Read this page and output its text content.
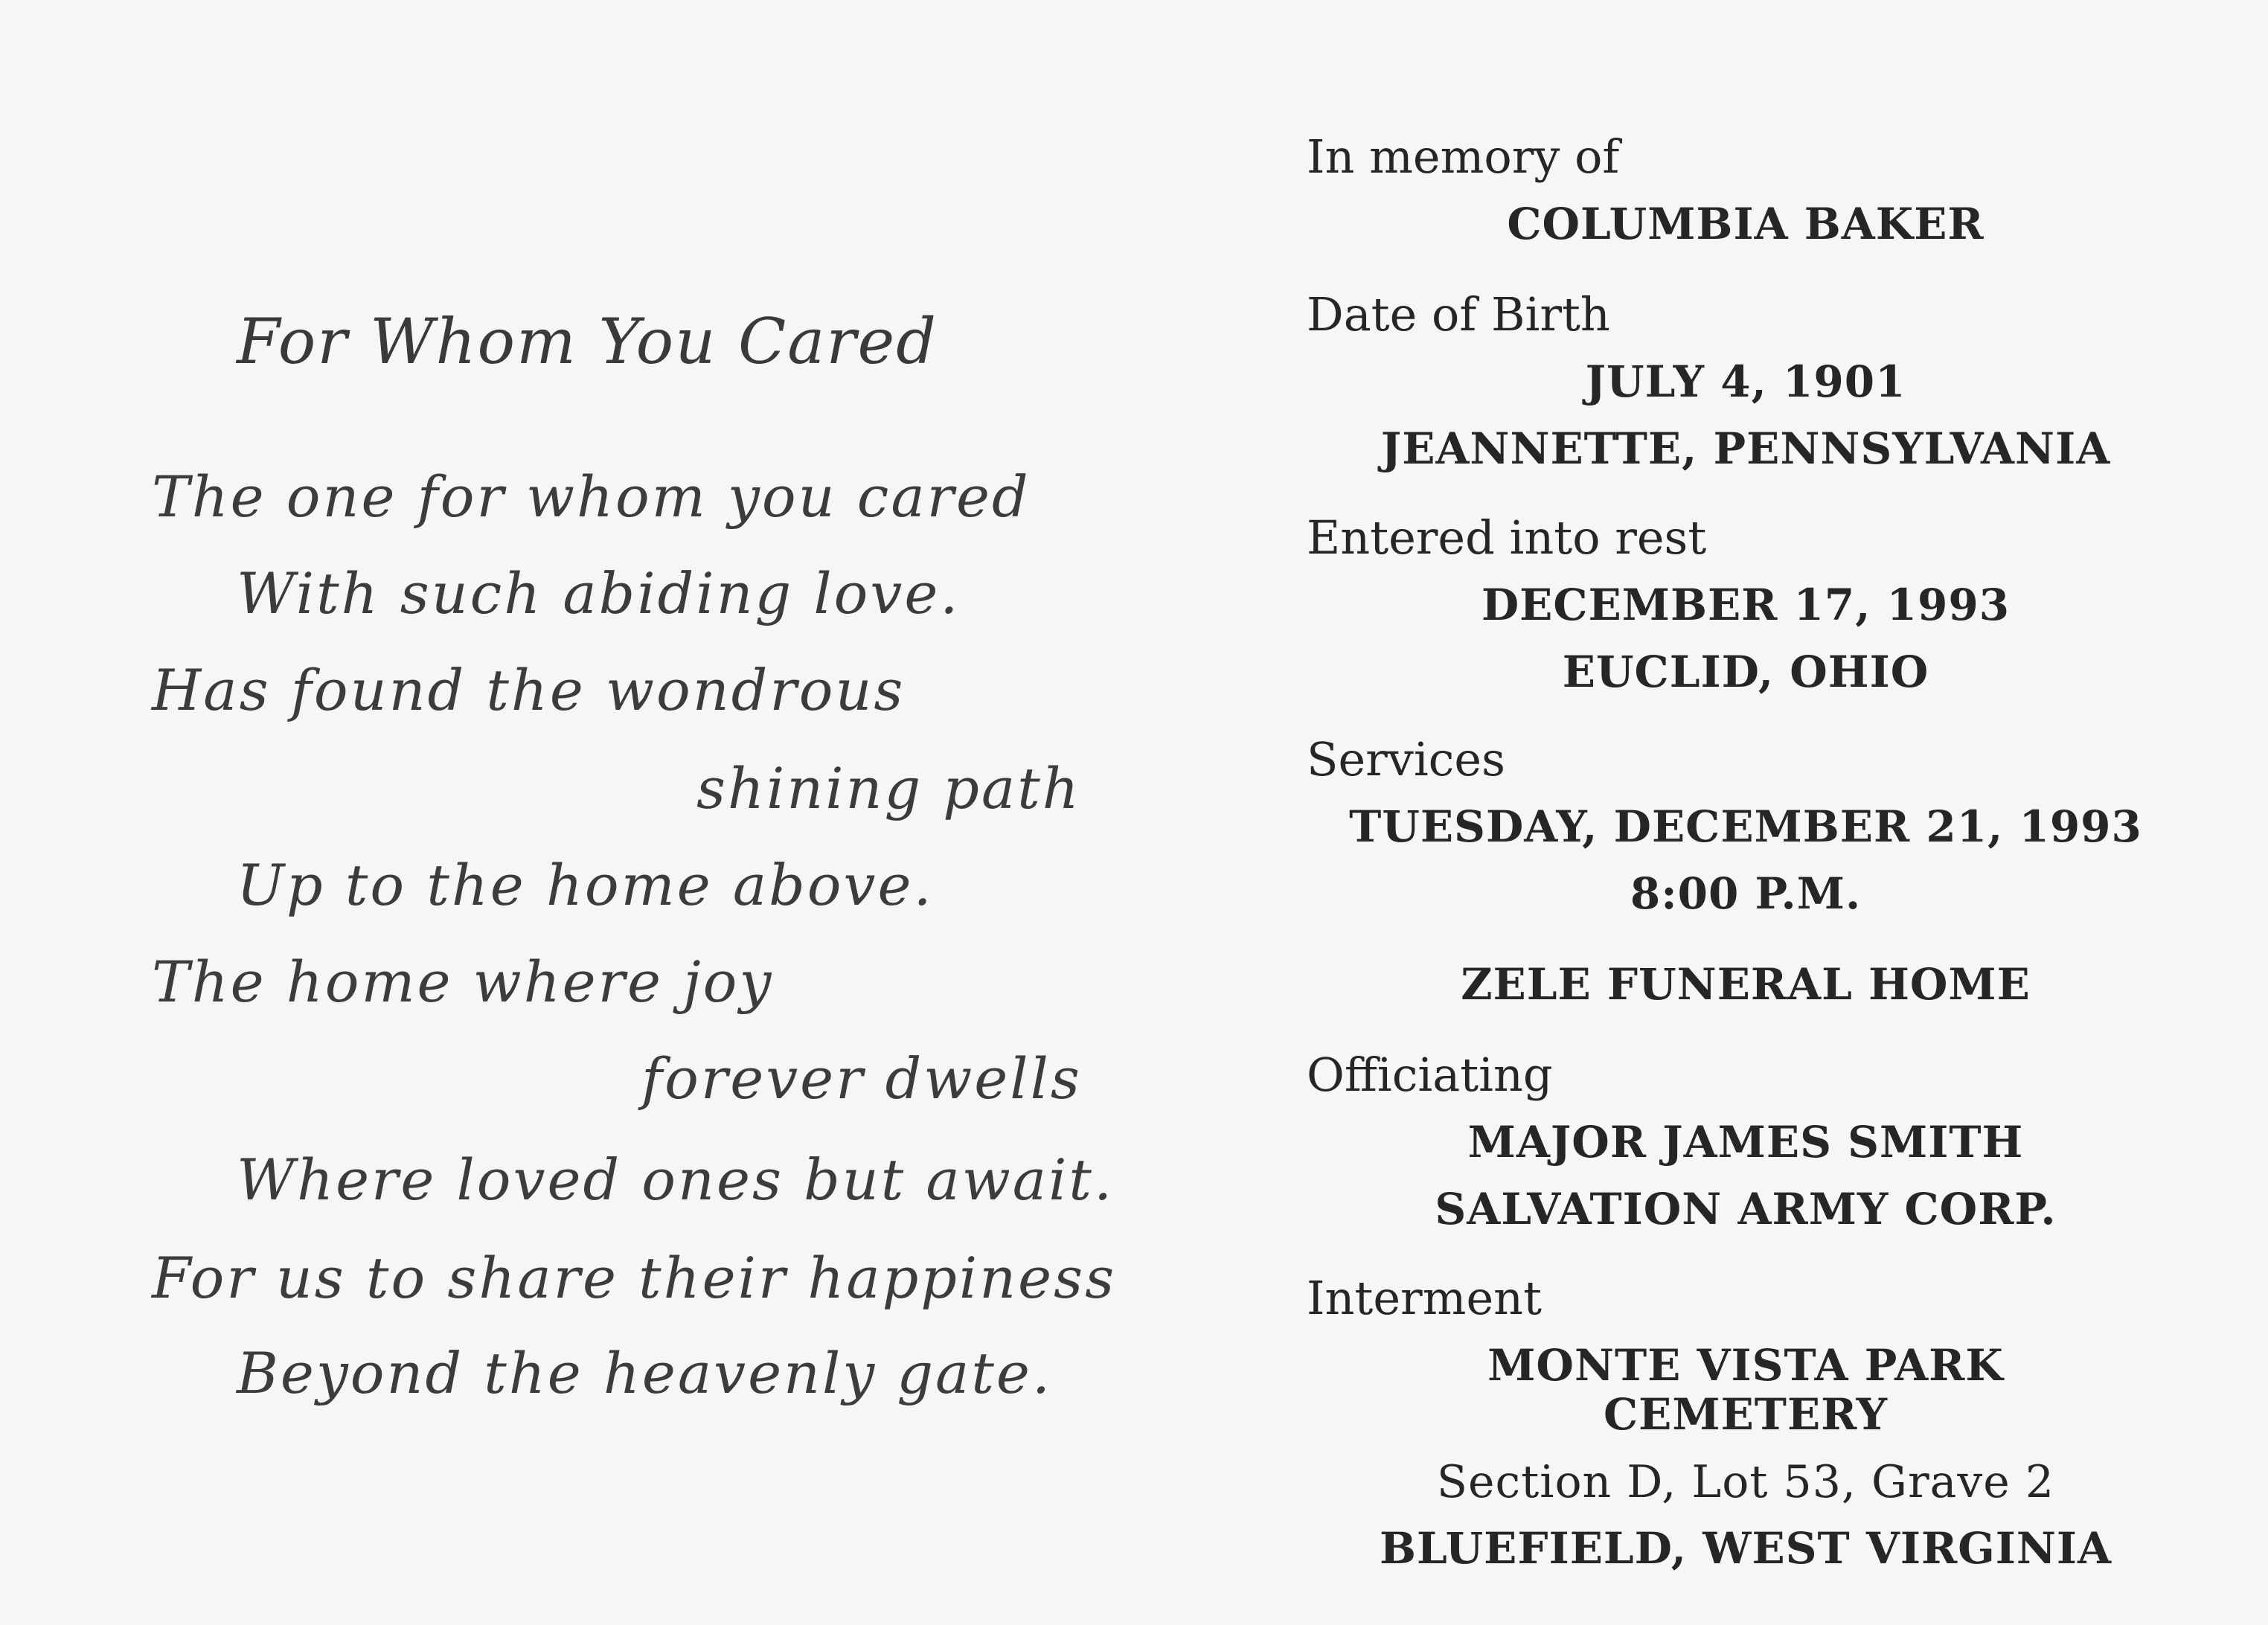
For Whom You Cared
The one for whom you cared
With such abiding love.
Has found the wondrous
shining path
Up to the home above.
The home where joy
forever dwells
Where loved ones but await.
For us to share their happiness
Beyond the heavenly gate.
In memory of
COLUMBIA BAKER
Date of Birth
JULY 4, 1901
JEANNETTE, PENNSYLVANIA
Entered into rest
DECEMBER 17, 1993
EUCLID, OHIO
Services
TUESDAY, DECEMBER 21, 1993
8:00 P.M.
ZELE FUNERAL HOME
Officiating
MAJOR JAMES SMITH
SALVATION ARMY CORP.
Interment
MONTE VISTA PARK
CEMETERY
Section D, Lot 53, Grave 2
BLUEFIELD, WEST VIRGINIA
